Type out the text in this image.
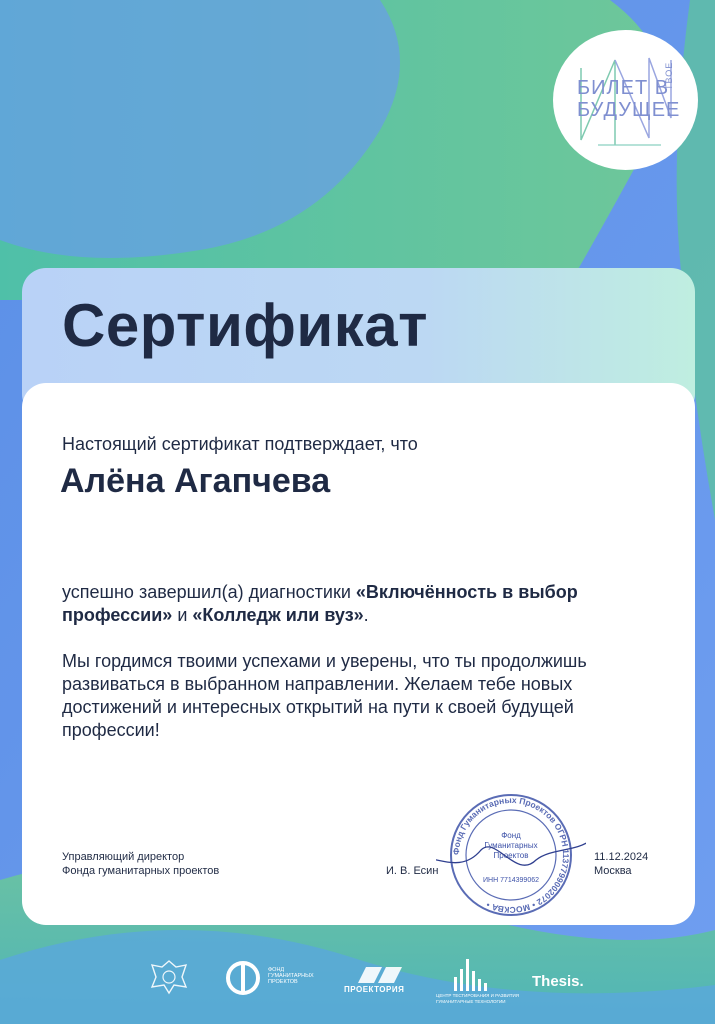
БИЛЕТ В
БУДУЩЕЕ
ТВОЕ
Сертификат
Настоящий сертификат подтверждает, что
Алёна Агапчева
успешно завершил(а) диагностики «Включённость в выбор профессии» и «Колледж или вуз».
Мы гордимся твоими успехами и уверены, что ты продолжишь развиваться в выбранном направлении. Желаем тебе новых достижений и интересных открытий на пути к своей будущей профессии!
Управляющий директор
Фонда гуманитарных проектов	И. В. Есин
11.12.2024
Москва
Фонд Гуманитарных Проектов ОГРН 1137799002072 • МОСКВА •
Фонд
Гуманитарных
Проектов
ИНН 7714399062
ФОНД
ГУМАНИТАРНЫХ
ПРОЕКТОВ
ПРОЕКТОРИЯ
ЦЕНТР ТЕСТИРОВАНИЯ И РАЗВИТИЯ
ГУМАНИТАРНЫЕ ТЕХНОЛОГИИ
Thesis.
